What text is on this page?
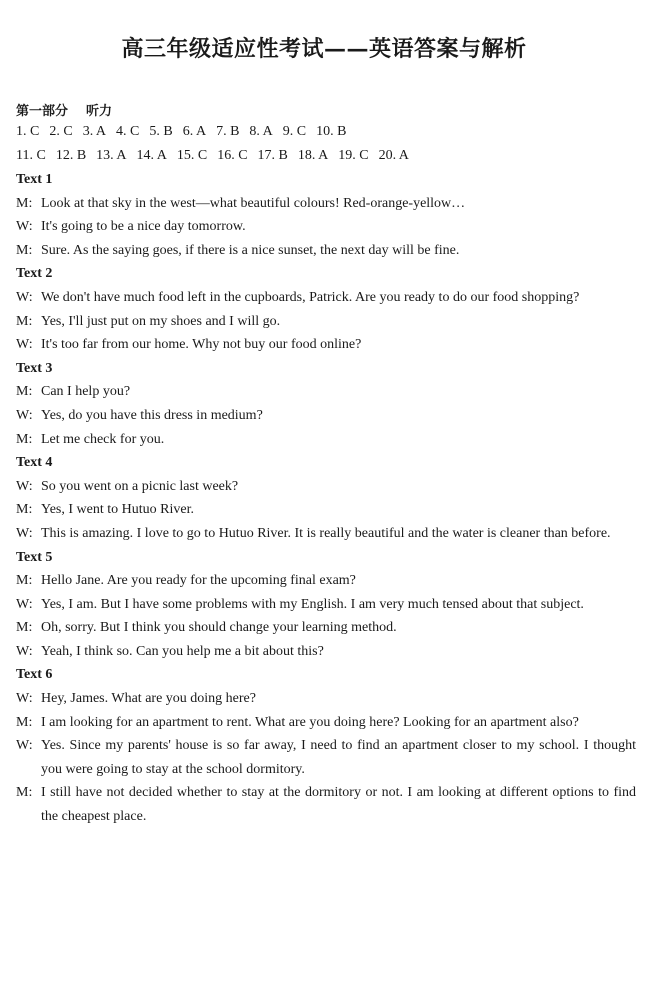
高三年级适应性考试——英语答案与解析
第一部分 听力
1. C 2. C 3. A 4. C 5. B 6. A 7. B 8. A 9. C 10. B
11. C 12. B 13. A 14. A 15. C 16. C 17. B 18. A 19. C 20. A
Text 1
M: Look at that sky in the west—what beautiful colours! Red-orange-yellow…
W: It's going to be a nice day tomorrow.
M: Sure. As the saying goes, if there is a nice sunset, the next day will be fine.
Text 2
W: We don't have much food left in the cupboards, Patrick. Are you ready to do our food shopping?
M: Yes, I'll just put on my shoes and I will go.
W: It's too far from our home. Why not buy our food online?
Text 3
M: Can I help you?
W: Yes, do you have this dress in medium?
M: Let me check for you.
Text 4
W: So you went on a picnic last week?
M: Yes, I went to Hutuo River.
W: This is amazing. I love to go to Hutuo River. It is really beautiful and the water is cleaner than before.
Text 5
M: Hello Jane. Are you ready for the upcoming final exam?
W: Yes, I am. But I have some problems with my English. I am very much tensed about that subject.
M: Oh, sorry. But I think you should change your learning method.
W: Yeah, I think so. Can you help me a bit about this?
Text 6
W: Hey, James. What are you doing here?
M: I am looking for an apartment to rent. What are you doing here? Looking for an apartment also?
W: Yes. Since my parents' house is so far away, I need to find an apartment closer to my school. I thought you were going to stay at the school dormitory.
M: I still have not decided whether to stay at the dormitory or not. I am looking at different options to find the cheapest place.
